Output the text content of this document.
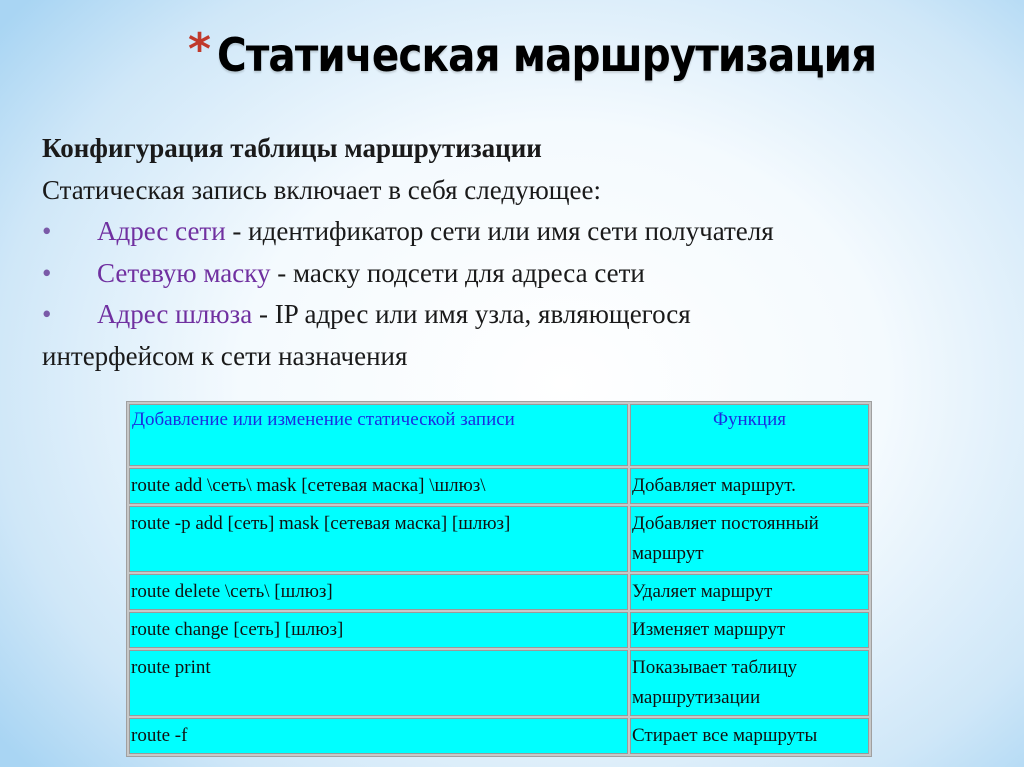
* Статическая маршрутизация
Конфигурация таблицы маршрутизации
Статическая запись включает в себя следующее:
• Адрес сети - идентификатор сети или имя сети получателя
• Сетевую маску - маску подсети для адреса сети
• Адрес шлюза - IP адрес или имя узла, являющегося
интерфейсом к сети назначения
Добавление или изменение статической записи	Функция
route add \сеть\ mask [сетевая маска] \шлюз\	Добавляет маршрут.
route -p add [сеть] mask [сетевая маска] [шлюз]	Добавляет постоянный маршрут
route delete \сеть\ [шлюз]	Удаляет маршрут
route change [сеть] [шлюз]	Изменяет маршрут
route print	Показывает таблицу маршрутизации
route -f	Стирает все маршруты
